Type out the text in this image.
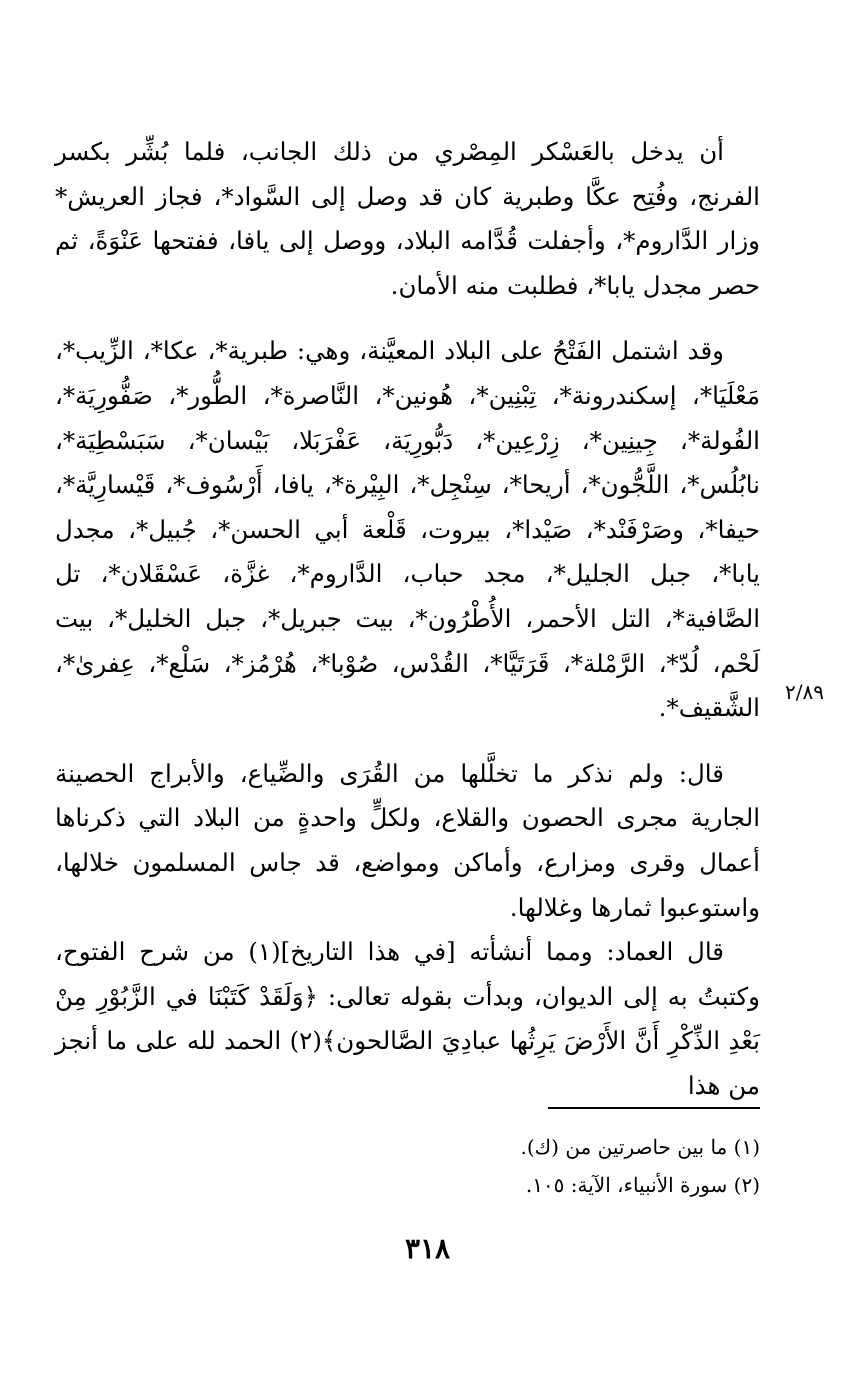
أن يدخل بالعَسْكر المِصْري من ذلك الجانب، فلما بُشِّر بكسر الفرنج، وفُتِح عكَّا وطبرية كان قد وصل إلى السَّواد*، فجاز العريش* وزار الدَّاروم*، وأجفلت قُدَّامه البلاد، ووصل إلى يافا، ففتحها عَنْوَةً، ثم حصر مجدل يابا*، فطلبت منه الأمان.

وقد اشتمل الفَتْحُ على البلاد المعيَّنة، وهي: طبرية*، عكا*، الزِّيب*، مَعْلَيَا*، إسكندرونة*، تِبْنِين*، هُونين*، النَّاصرة*، الطُّور*، صَفُّورِيَة*، الفُولة*، جِينِين*، زِرْعِين*، دَبُّورِيَة، عَفْرَبَلا، بَيْسان*، سَبَسْطِيَة*، نابُلُس*، اللَّجُّون*، أريحا*، سِنْجِل*، البِيْرة*، يافا، أَرْسُوف*، قَيْسارِيَّة*، حيفا*، وصَرْفَنْد*، صَيْدا*، بيروت، قَلْعة أبي الحسن*، جُبيل*، مجدل يابا*، جبل الجليل*، مجد حباب، الدَّاروم*، غزَّة، عَسْقَلان*، تل الصَّافية*، التل الأحمر، الأُطْرُون*، بيت جبريل*، جبل الخليل*، بيت لَحْم، لُدّ*، الرَّمْلة*، قَرَتَيَّا*، القُدْس، صُوْبا*، هُرْمُز*، سَلْع*، عِفرىٰ*، الشَّقيف*.

قال: ولم نذكر ما تخلَّلها من القُرَى والضِّياع، والأبراج الحصينة الجارية مجرى الحصون والقلاع، ولكلٍّ واحدةٍ من البلاد التي ذكرناها أعمال وقرى ومزارع، وأماكن ومواضع، قد جاس المسلمون خلالها، واستوعبوا ثمارها وغلالها.

قال العماد: ومما أنشأته [في هذا التاريخ](١) من شرح الفتوح، وكتبتُ به إلى الديوان، وبدأت بقوله تعالى: ﴿وَلَقَدْ كَتَبْنَا في الزَّبُوْرِ مِنْ بَعْدِ الذِّكْرِ أَنَّ الأَرْضَ يَرِثُها عبادِيَ الصَّالحون﴾(٢) الحمد لله على ما أنجز من هذا

٢/٨٩

(١) ما بين حاصرتين من (ك).

(٢) سورة الأنبياء، الآية: ١٠٥.

٣١٨
